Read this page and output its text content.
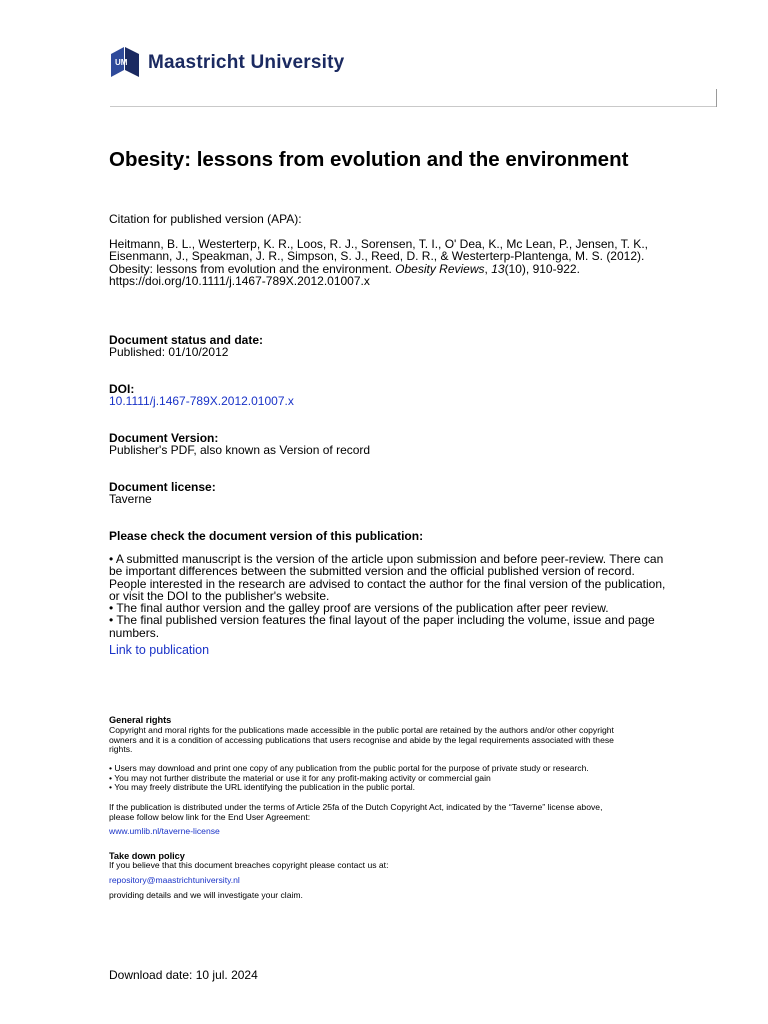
UM Maastricht University
Obesity: lessons from evolution and the environment
Citation for published version (APA):

Heitmann, B. L., Westerterp, K. R., Loos, R. J., Sorensen, T. I., O' Dea, K., Mc Lean, P., Jensen, T. K.,

Eisenmann, J., Speakman, J. R., Simpson, S. J., Reed, D. R., & Westerterp-Plantenga, M. S. (2012).

Obesity: lessons from evolution and the environment. Obesity Reviews, 13(10), 910-922.

https://doi.org/10.1111/j.1467-789X.2012.01007.x

Document status and date:
Published: 01/10/2012
DOI:
10.1111/j.1467-789X.2012.01007.x
Document Version:
Publisher's PDF, also known as Version of record
Document license:
Taverne
Please check the document version of this publication:

• A submitted manuscript is the version of the article upon submission and before peer-review. There can

be important differences between the submitted version and the official published version of record.

People interested in the research are advised to contact the author for the final version of the publication,

or visit the DOI to the publisher's website.

• The final author version and the galley proof are versions of the publication after peer review.

• The final published version features the final layout of the paper including the volume, issue and page

numbers.

Link to publication
General rights

Copyright and moral rights for the publications made accessible in the public portal are retained by the authors and/or other copyright

owners and it is a condition of accessing publications that users recognise and abide by the legal requirements associated with these

rights.

• Users may download and print one copy of any publication from the public portal for the purpose of private study or research.

• You may not further distribute the material or use it for any profit-making activity or commercial gain

• You may freely distribute the URL identifying the publication in the public portal.

If the publication is distributed under the terms of Article 25fa of the Dutch Copyright Act, indicated by the “Taverne” license above,

please follow below link for the End User Agreement:

www.umlib.nl/taverne-license
Take down policy
If you believe that this document breaches copyright please contact us at:
repository@maastrichtuniversity.nl
providing details and we will investigate your claim.
Download date: 10 jul. 2024
